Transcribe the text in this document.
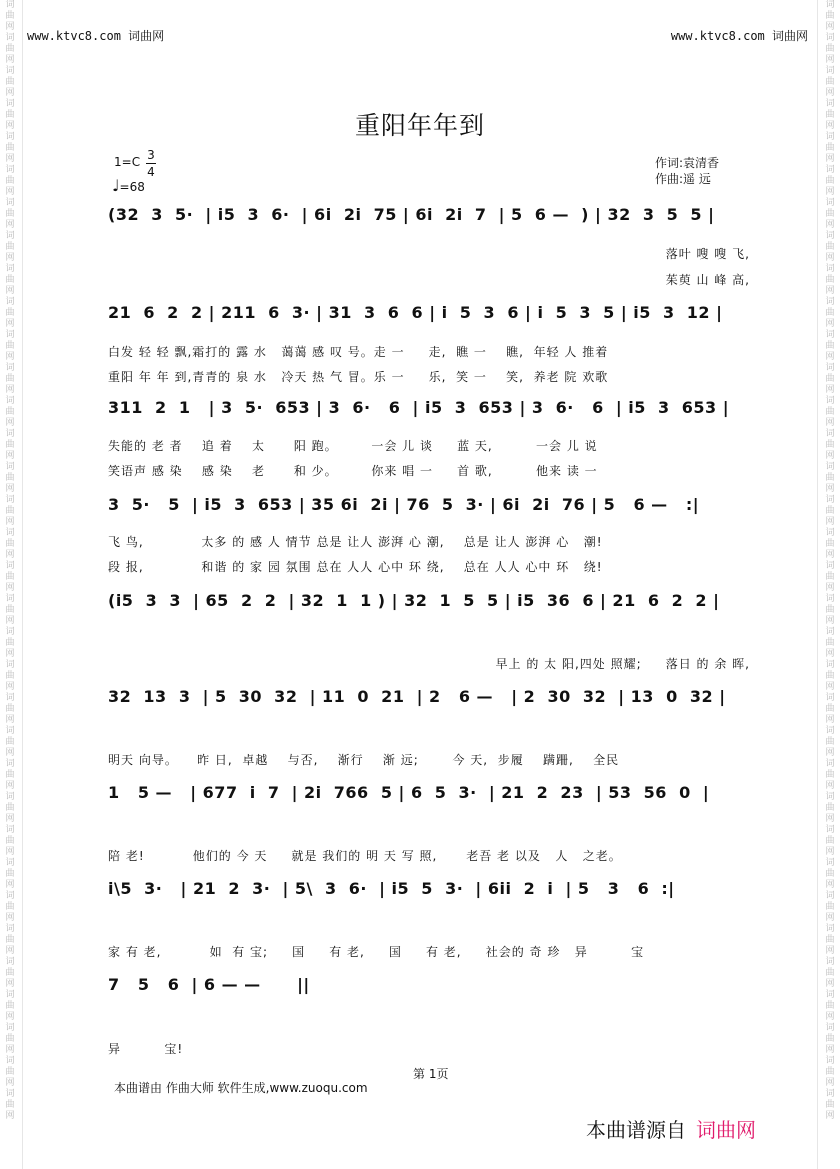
词曲网词曲网词曲网词曲网词曲网词曲网词曲网词曲网词曲网词曲网词曲网词曲网词曲网词曲网词曲网词曲网词曲网词曲网词曲网词曲网词曲网词曲网词曲网词曲网词曲网词曲网词曲网词曲网词曲网词曲网词曲网词曲网词曲网词曲网
词曲网词曲网词曲网词曲网词曲网词曲网词曲网词曲网词曲网词曲网词曲网词曲网词曲网词曲网词曲网词曲网词曲网词曲网词曲网词曲网词曲网词曲网词曲网词曲网词曲网词曲网词曲网词曲网词曲网词曲网词曲网词曲网词曲网词曲网
www.ktvc8.com 词曲网	www.ktvc8.com 词曲网
重阳年年到
1=C 3
4
♩=68
作词:袁清香
作曲:遥 远
(32  3  5·  | i5  3  6·  | 6i  2i  75 | 6i  2i  7  | 5  6 —  ) | 32  3  5  5 |
落叶 嗖 嗖 飞,
茱萸 山 峰 高,
21  6  2  2 | 211  6  3· | 31  3  6  6 | i  5  3  6 | i  5  3  5 | i5  3  12 |
白发 轻 轻 飘,霜打的 露 水   蔼蔼 感 叹 号。走 一     走,  瞧 一    瞧,  年轻 人 推着
重阳 年 年 到,青青的 泉 水   冷天 热 气 冒。乐 一     乐,  笑 一    笑,  养老 院 欢歌
311  2  1   | 3  5·  653 | 3  6·   6  | i5  3  653 | 3  6·   6  | i5  3  653 |
失能的 老 者    追 着    太      阳 跑。       一会 儿 谈     蓝 天,         一会 儿 说
笑语声 感 染    感 染    老      和 少。       你来 唱 一     首 歌,         他来 读 一
3  5·   5  | i5  3  653 | 35 6i  2i | 76  5  3· | 6i  2i  76 | 5   6 —   :|
飞 鸟,            太多 的 感 人 情节 总是 让人 澎湃 心 潮,    总是 让人 澎湃 心   潮!
段 报,            和谐 的 家 园 氛围 总在 人人 心中 环 绕,    总在 人人 心中 环   绕!
(i5  3  3  | 65  2  2  | 32  1  1 ) | 32  1  5  5 | i5  36  6 | 21  6  2  2 |
早上 的 太 阳,四处 照耀;     落日 的 余 晖,
32  13  3  | 5  30  32  | 11  0  21  | 2   6 —   | 2  30  32  | 13  0  32 |
明天 向导。    昨 日,  卓越    与否,    渐行    渐 远;       今 天,  步履    蹒跚,    全民
1   5 —   | 677  i  7  | 2i  766  5 | 6  5  3·  | 21  2  23  | 53  56  0  |
陪 老!          他们的 今 天     就是 我们的 明 天 写 照,      老吾 老 以及   人   之老。
i\5  3·   | 21  2  3·  | 5\  3  6·  | i5  5  3·  | 6ii  2  i  | 5   3   6  :|
家 有 老,          如  有 宝;     国     有 老,     国     有 老,     社会的 奇 珍   异         宝
7   5   6  | 6 — —      ||
异         宝!
第 1页
本曲谱由 作曲大师 软件生成,www.zuoqu.com
本曲谱源自 词曲网
